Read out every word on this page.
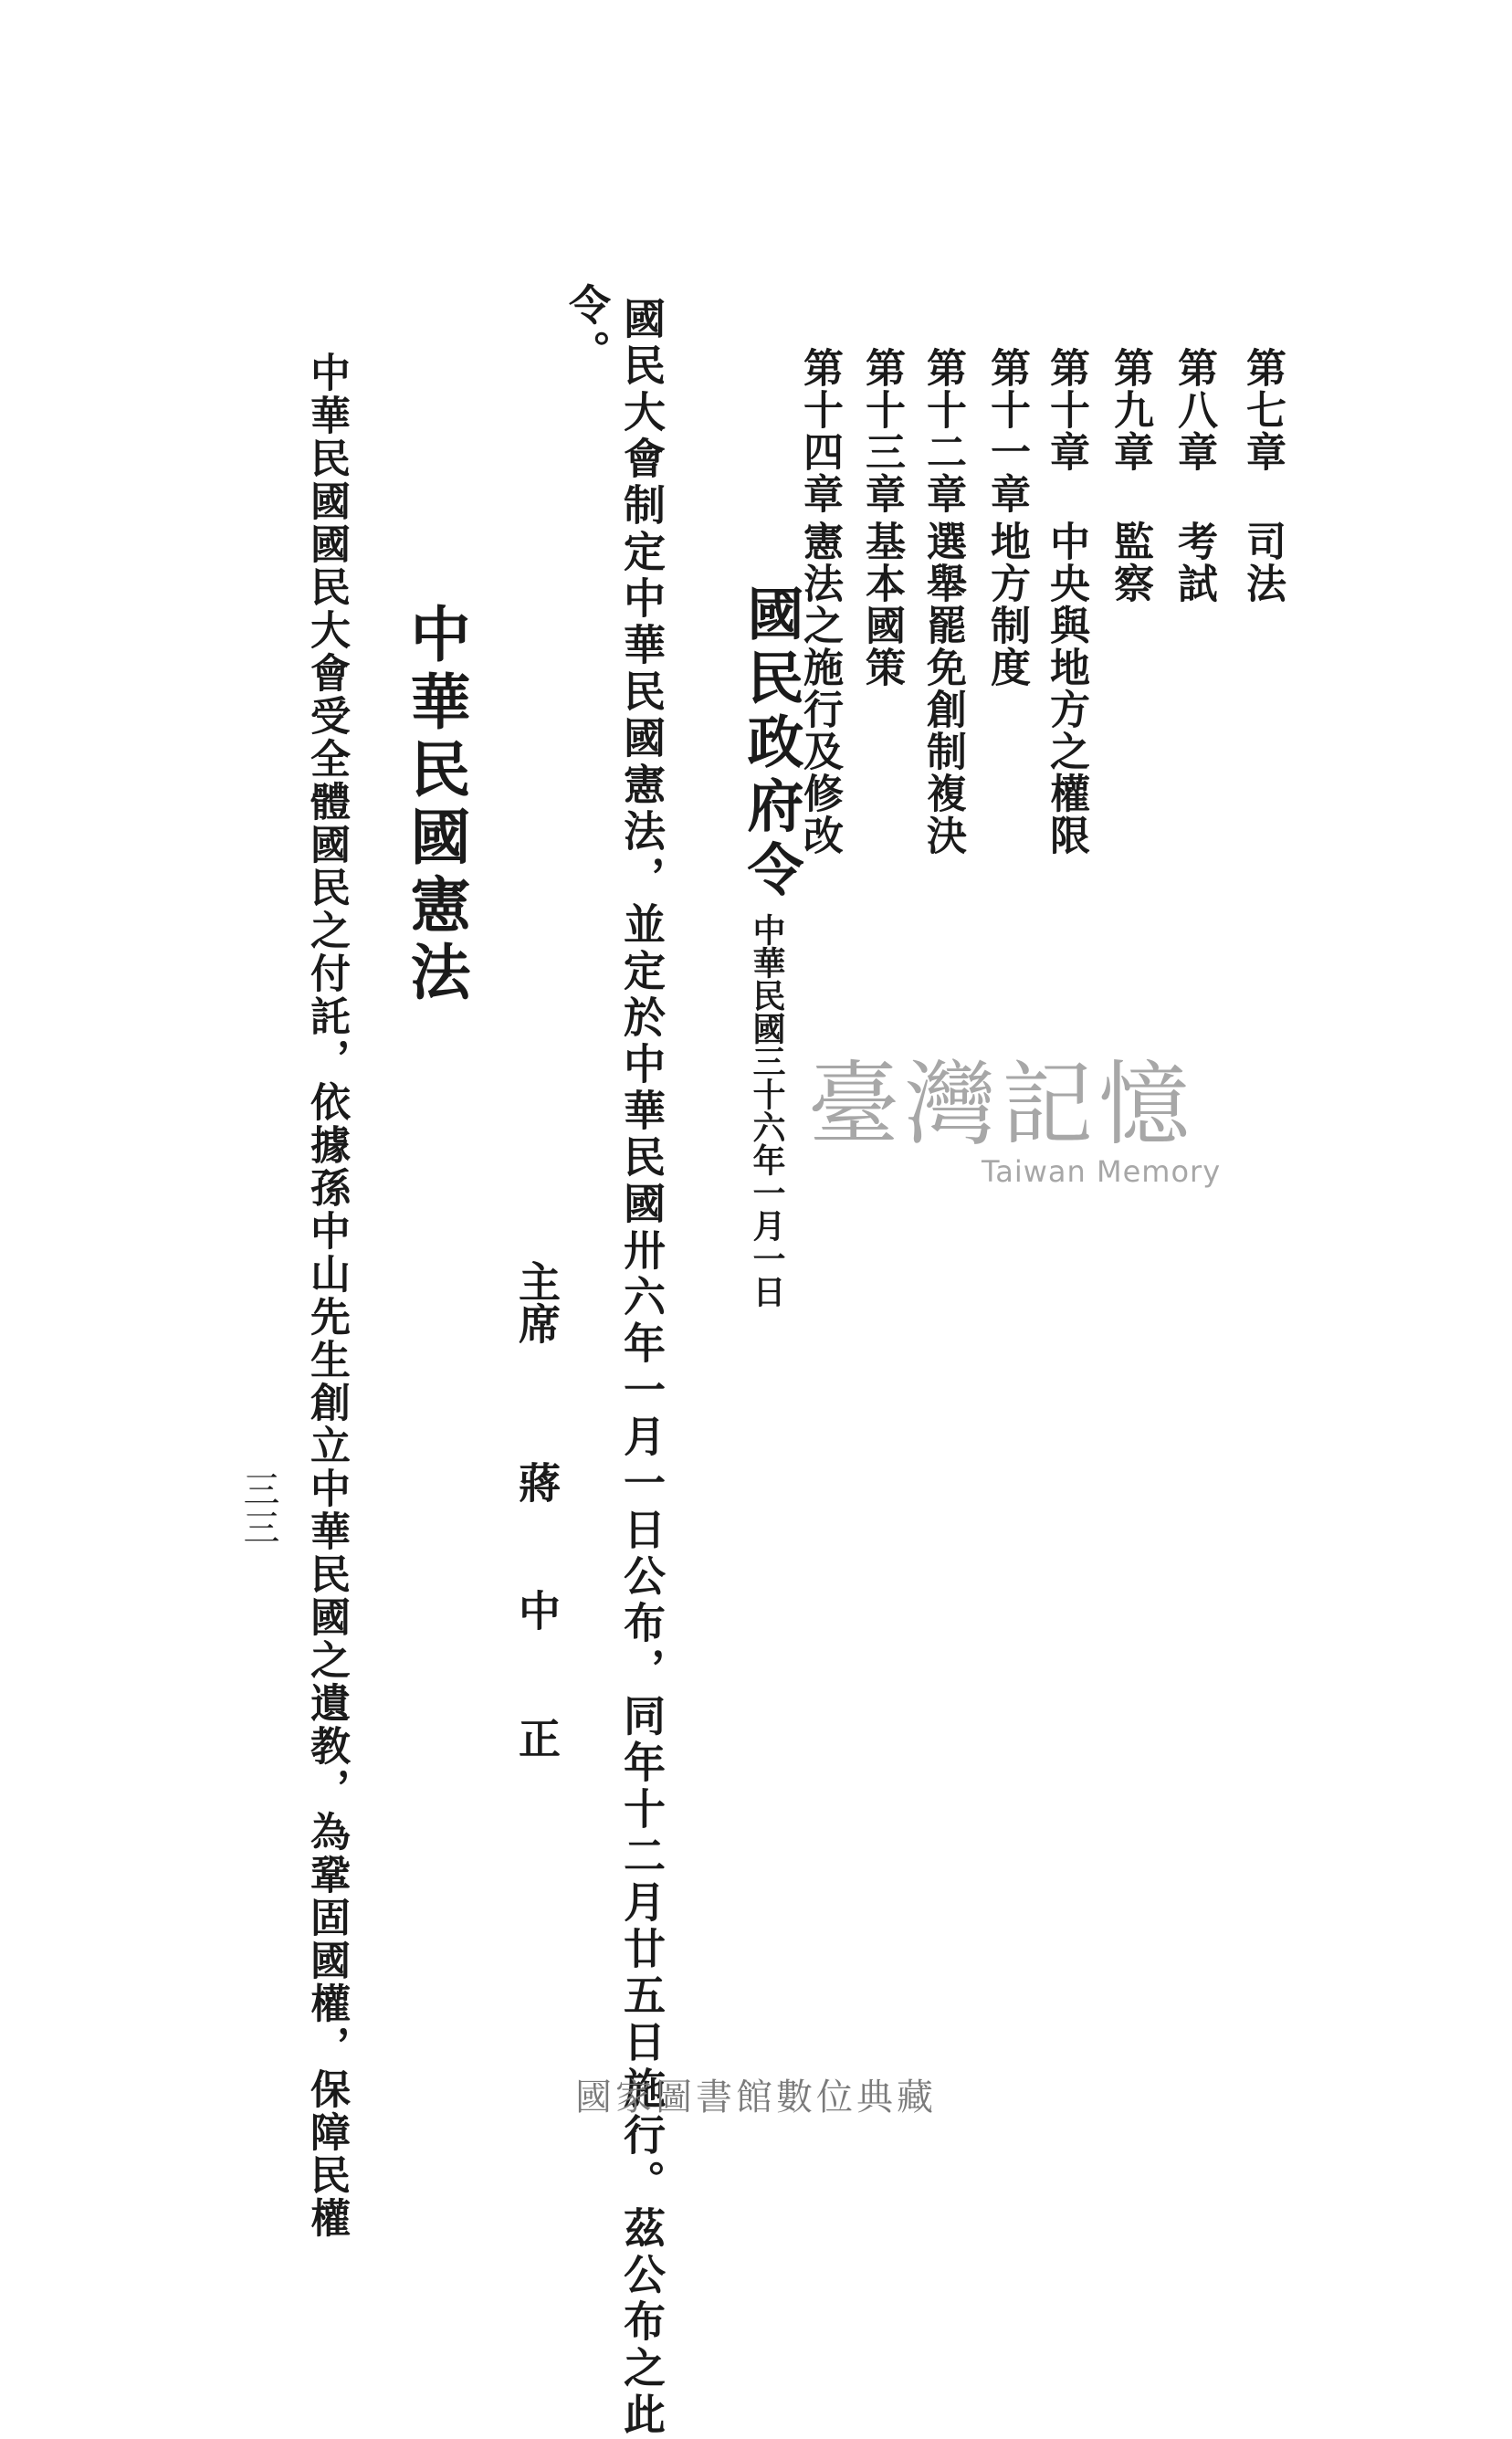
第七章司法
第八章考試
第九章監察
第十章中央與地方之權限
第十一章地方制度
第十二章選舉罷免創制複決
第十三章基本國策
第十四章憲法之施行及修改
國民政府令
中華民國三十六年一月一日
國民大會制定中華民國憲法，並定於中華民國卅六年一月一日公布，同年十二月廿五日施行。茲公布之此
令。
主席蔣中正
中華民國憲法
中華民國國民大會受全體國民之付託，依據孫中山先生創立中華民國之遺教，為鞏固國權，保障民權
三三
臺灣記憶
Taiwan Memory
國家圖書館數位典藏
